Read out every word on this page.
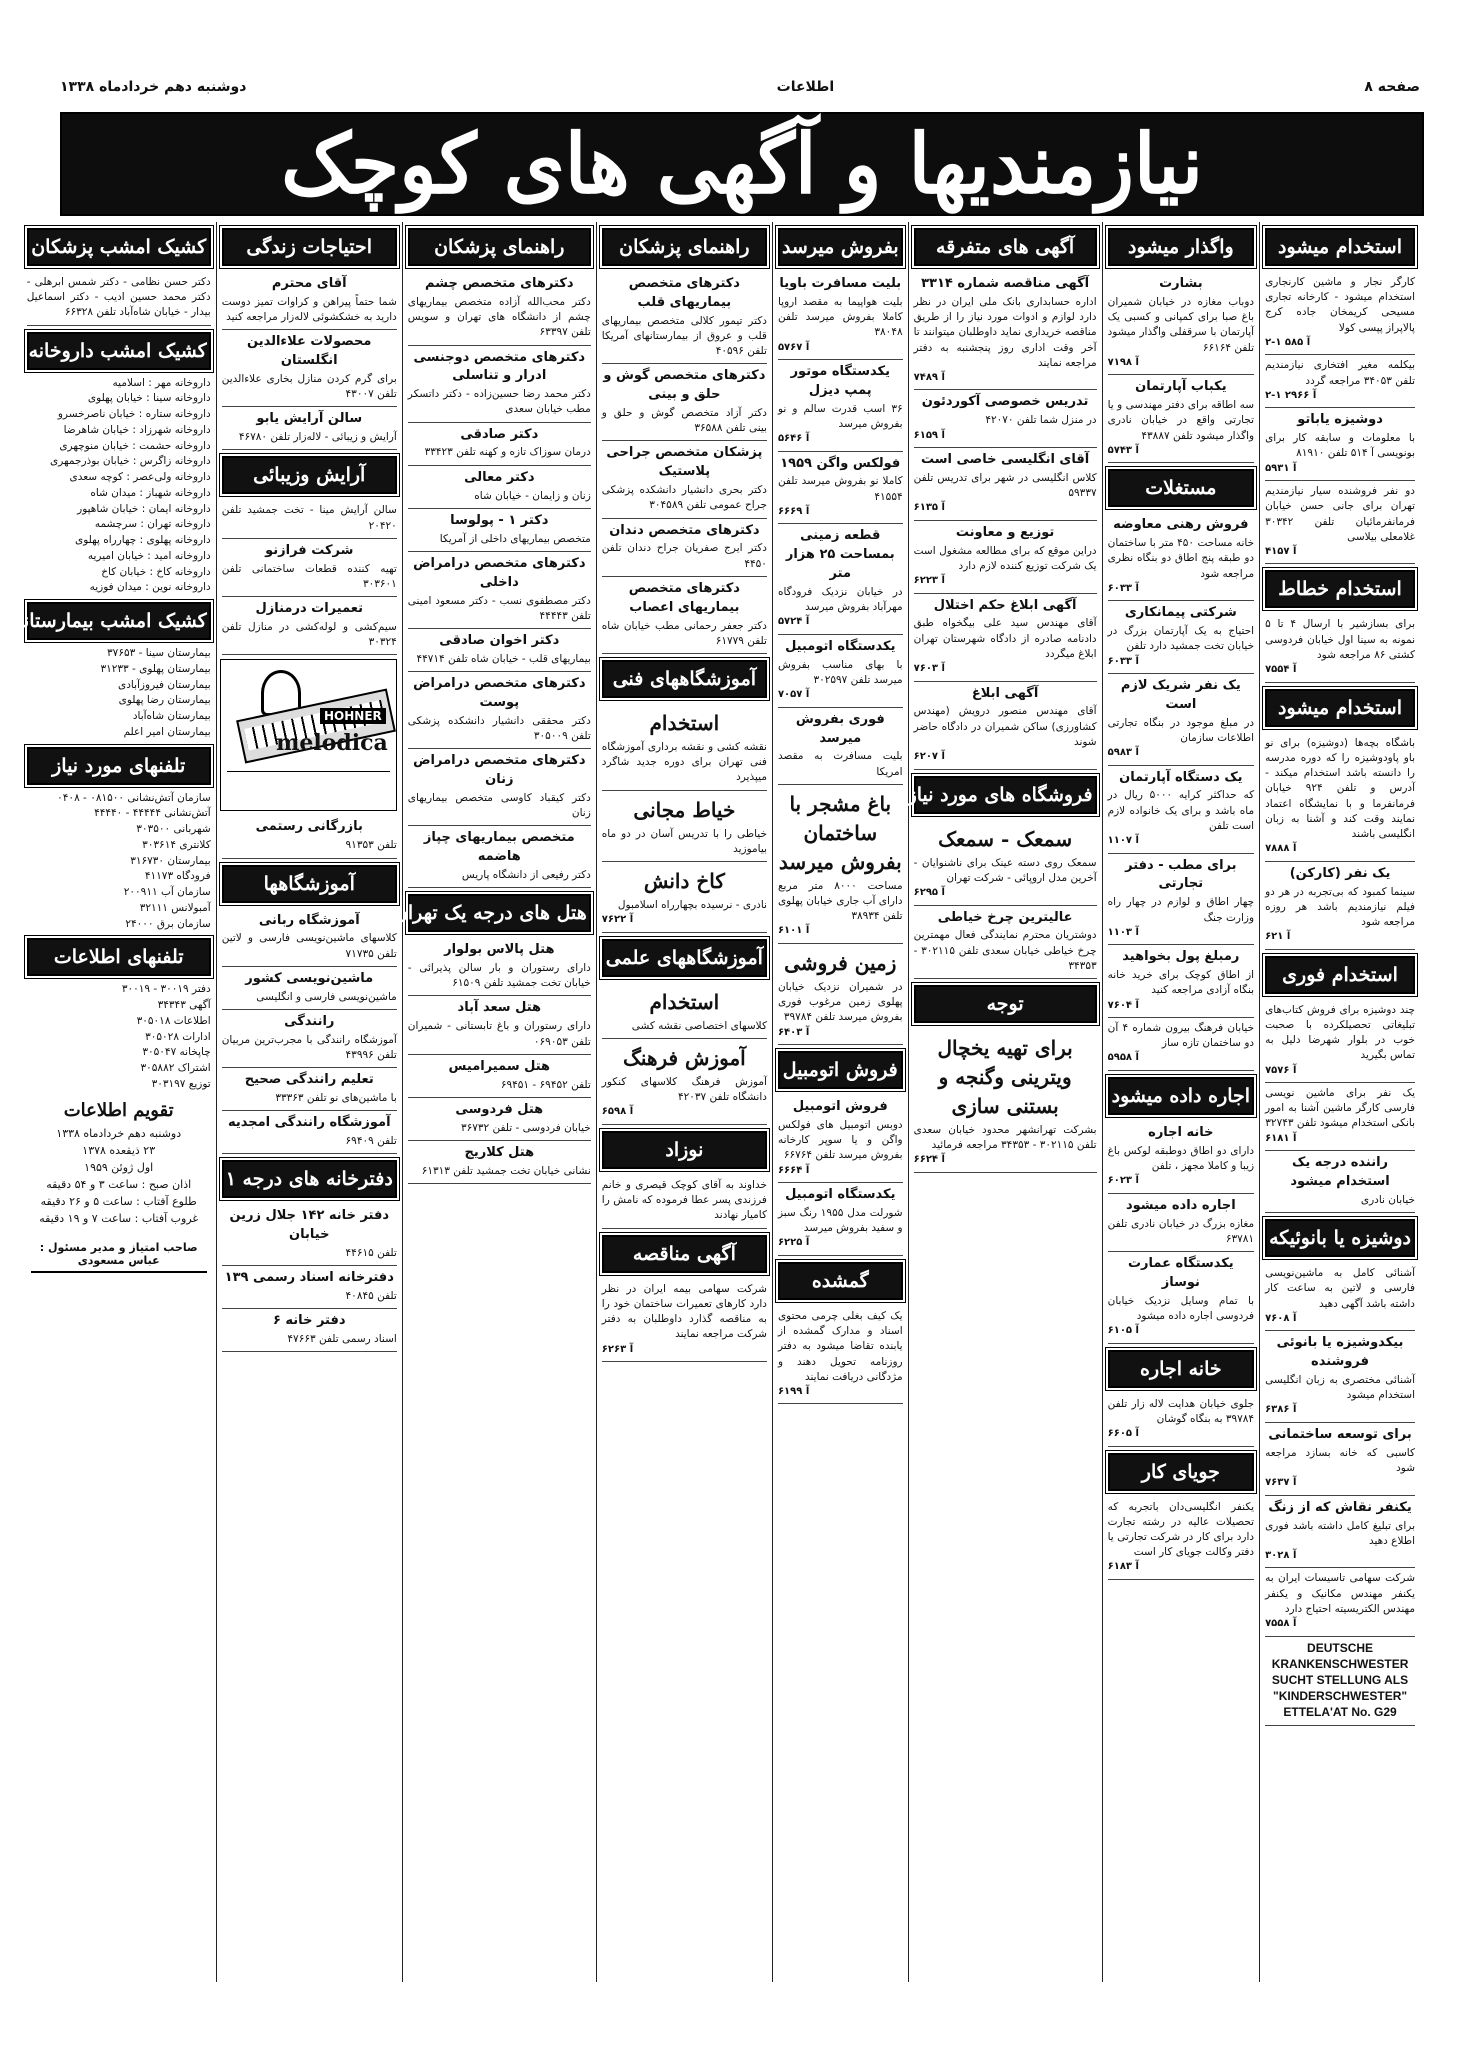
صفحه ۸
اطلاعات
دوشنبه دهم خردادماه ۱۳۳۸
نیازمندیها و آگهی های کوچک
استخدام میشود
کارگر نجار و ماشین کارنجاری استخدام میشود - کارخانه تجاری مسیحی کریمخان جاده کرج پالاپراز پپسی کولا
۲-۱ آ ۵۸۵
بیکلمه مغیر افتخاری نیازمندیم تلفن ۳۴۰۵۳ مراجعه گردد
۲-۱ آ ۲۹۶۶
دوشیزه یاباتو
با معلومات و سابقه کار برای بونویسی آ ۵۱۴ تلفن ۸۱۹۱۰
آ ۵۹۳۱
دو نفر فروشنده سیار نیازمندیم تهران برای جانی حسن خیابان فرمانفرمائیان تلفن ۳۰۳۴۲ غلامعلی بیلاسی
آ ۴۱۵۷
استخدام خطاط
برای بسازشیر با ارسال ۴ تا ۵ نمونه به سینا اول خیابان فردوسی کشتی ۸۶ مراجعه شود
آ ۷۵۵۴
استخدام میشود
باشگاه بچه‌ها (دوشیزه) برای نو باو پاودوشیزه را که دوره مدرسه را دانسته باشد استخدام میکند - آدرس و تلفن ۹۲۴ خیابان فرمانفرما و با نمایشگاه اعتماد نمایند وقت کند و آشنا به زبان انگلیسی باشند
آ ۷۸۸۸
یک نفر (کارکن)
سینما کمبود که بی‌تجربه در هر دو فیلم نیازمندیم باشد هر روزه مراجعه شود
آ ۶۲۱
استخدام فوری
چند دوشیزه برای فروش کتاب‌های تبلیغاتی تحصیلکرده با صحبت خوب در بلوار شهرضا دلیل به تماس بگیرید
آ ۷۵۷۶
یک نفر برای ماشین نویسی فارسی کارگر ماشین آشنا به امور بانکی استخدام میشود تلفن ۳۲۷۴۳
آ ۶۱۸۱
راننده درجه یک استخدام میشود
خیابان نادری
دوشیزه یا بانوئیکه
آشنائی کامل به ماشین‌نویسی فارسی و لاتین به ساعت کار داشته باشد آگهی دهید
آ ۷۶۰۸
بیکدوشیزه یا بانوئی فروشنده
آشنائی مختصری به زبان انگلیسی استخدام میشود
آ ۶۳۸۶
برای توسعه ساختمانی
کاسبی که خانه بسازد مراجعه شود
آ ۷۶۳۷
یکنفر نقاش که از زنگ
برای تبلیغ کامل داشته باشد فوری اطلاع دهید
آ ۳۰۲۸
شرکت سهامی تاسیسات ایران به یکنفر مهندس مکانیک و یکنفر مهندس الکتریسیته احتیاج دارد
آ ۷۵۵۸
DEUTSCHE
KRANKENSCHWESTER
SUCHT STELLUNG ALS
"KINDERSCHWESTER"
ETTELA'AT No. G29
واگذار میشود
بشارت
دوباب مغازه در خیابان شمیران باغ صبا برای کمپانی و کسبی یک آپارتمان با سرقفلی واگذار میشود تلفن ۶۶۱۶۴
آ ۷۱۹۸
یکباب آپارتمان
سه اطاقه برای دفتر مهندسی و یا تجارتی واقع در خیابان نادری واگذار میشود تلفن ۴۳۸۸۷
آ ۵۷۴۳
مستغلات
فروش رهنی معاوضه
خانه مساحت ۴۵۰ متر با ساختمان دو طبقه پنج اطاق دو بنگاه نظری مراجعه شود
آ ۶۰۳۳
شرکتی پیمانکاری
احتیاج به یک آپارتمان بزرگ در خیابان تخت جمشید دارد تلفن
آ ۶۰۳۳
یک نفر شریک لازم است
در مبلغ موجود در بنگاه تجارتی اطلاعات سازمان
آ ۵۹۸۳
یک دستگاه آپارتمان
که حداکثر کرایه ۵۰۰۰ ریال در ماه باشد و برای یک خانواده لازم است تلفن
آ ۱۱۰۷
برای مطب - دفتر تجارتی
چهار اطاق و لوازم در چهار راه وزارت جنگ
آ ۱۱۰۳
رمبلغ پول بخواهید
از اطاق کوچک برای خرید خانه بنگاه آزادی مراجعه کنید
آ ۷۶۰۴
خیابان فرهنگ بیرون شماره ۴ آن دو ساختمان تازه ساز
آ ۵۹۵۸
اجاره داده میشود
خانه اجاره
دارای دو اطاق دوطبقه لوکس باغ زیبا و کاملا مجهز ، تلفن
آ ۶۰۲۳
اجاره داده میشود
مغازه بزرگ در خیابان نادری تلفن ۶۳۷۸۱
یکدستگاه عمارت نوساز
با تمام وسایل نزدیک خیابان فردوسی اجاره داده میشود
آ ۶۱۰۵
خانه اجاره
جلوی خیابان هدایت لاله زار تلفن ۳۹۷۸۴ به بنگاه گوشان
آ ۶۶۰۵
جویای کار
یکنفر انگلیسی‌دان باتجربه که تحصیلات عالیه در رشته تجارت دارد برای کار در شرکت تجارتی یا دفتر وکالت جویای کار است
آ ۶۱۸۳
آگهی های متفرقه
آگهی مناقصه شماره ۳۳۱۴
اداره حسابداری بانک ملی ایران در نظر دارد لوازم و ادوات مورد نیاز را از طریق مناقصه خریداری نماید داوطلبان میتوانند تا آخر وقت اداری روز پنجشنبه به دفتر مراجعه نمایند
آ ۷۴۸۹
تدریس خصوصی آکوردئون
در منزل شما تلفن ۴۲۰۷۰
آ ۶۱۵۹
آقای انگلیسی خاصی است
کلاس انگلیسی در شهر برای تدریس تلفن ۵۹۳۳۷
آ ۶۱۳۵
توزیع و معاونت
دراین موقع که برای مطالعه مشغول است یک شرکت توزیع کننده لازم دارد
آ ۶۲۲۳
آگهی ابلاغ حکم اختلال
آقای مهندس سید علی بیگخواه طبق دادنامه صادره از دادگاه شهرستان تهران ابلاغ میگردد
آ ۷۶۰۳
آگهی ابلاغ
آقای مهندس منصور درویش (مهندس کشاورزی) ساکن شمیران در دادگاه حاضر شوند
آ ۶۲۰۷
فروشگاه های مورد نیاز
سمعک - سمعک
سمعک روی دسته عینک برای ناشنوایان - آخرین مدل اروپائی - شرکت تهران
آ ۶۲۹۵
عالیترین چرخ خیاطی
دوشتریان محترم نمایندگی فعال مهمترین چرخ خیاطی خیابان سعدی تلفن ۳۰۲۱۱۵ - ۳۴۳۵۳
توجه
برای تهیه یخچال ویترینی وگنجه و بستنی سازی
بشرکت تهرانشهر محدود خیابان سعدی تلفن ۳۰۲۱۱۵ - ۳۴۳۵۳ مراجعه فرمائید
آ ۶۶۲۴
بفروش میرسد
بلیت مسافرت باویا
بلیت هواپیما به مقصد اروپا کاملا بفروش میرسد تلفن ۳۸۰۴۸
آ ۵۷۶۷
یکدستگاه موتور پمپ دیزل
۳۶ اسب قدرت سالم و نو بفروش میرسد
آ ۵۶۴۶
فولکس واگن ۱۹۵۹
کاملا نو بفروش میرسد تلفن ۴۱۵۵۴
آ ۶۶۶۹
قطعه زمینی بمساحت ۲۵ هزار متر
در خیابان نزدیک فرودگاه مهرآباد بفروش میرسد
آ ۵۷۲۴
یکدستگاه اتومبیل
با بهای مناسب بفروش میرسد تلفن ۳۰۲۵۹۷
آ ۷۰۵۷
فوری بفروش میرسد
بلیت مسافرت به مقصد امریکا
باغ مشجر با ساختمان بفروش میرسد
مساحت ۸۰۰۰ متر مربع دارای آب جاری خیابان پهلوی تلفن ۳۸۹۳۴
آ ۶۱۰۱
زمین فروشی
در شمیران نزدیک خیابان پهلوی زمین مرغوب فوری بفروش میرسد تلفن ۳۹۷۸۴
آ ۶۴۰۳
فروش اتومبیل
فروش اتومبیل
دوبس اتومبیل های فولکس واگن و یا سوپر کارخانه بفروش میرسد تلفن ۶۶۷۶۴
آ ۶۶۶۴
یکدستگاه اتومبیل
شورلت مدل ۱۹۵۵ رنگ سبز و سفید بفروش میرسد
آ ۶۲۲۵
گمشده
یک کیف بغلی چرمی محتوی اسناد و مدارک گمشده از یابنده تقاضا میشود به دفتر روزنامه تحویل دهند و مژدگانی دریافت نمایند
آ ۶۱۹۹
راهنمای پزشکان
دکترهای متخصص بیماریهای قلب
دکتر تیمور کلالی متخصص بیماریهای قلب و عروق از بیمارستانهای آمریکا تلفن ۴۰۵۹۶
دکترهای متخصص گوش و حلق و بینی
دکتر آزاد متخصص گوش و حلق و بینی تلفن ۳۶۵۸۸
پزشکان متخصص جراحی پلاستیک
دکتر بحری دانشیار دانشکده پزشکی جراح عمومی تلفن ۳۰۴۵۸۹
دکترهای متخصص دندان
دکتر ایرج صفریان جراح دندان تلفن ۴۴۵۰
دکترهای متخصص بیماریهای اعصاب
دکتر جعفر رحمانی مطب خیابان شاه تلفن ۶۱۷۷۹
آموزشگاههای فنی
استخدام
نقشه کشی و نقشه برداری آموزشگاه فنی تهران برای دوره جدید شاگرد میپذیرد
خیاط مجانی
خیاطی را با تدریس آسان در دو ماه بیاموزید
کاخ دانش
نادری - نرسیده بچهارراه اسلامبول
آ ۷۶۲۲
آموزشگاههای علمی
استخدام
کلاسهای اختصاصی نقشه کشی
آموزش فرهنگ
آموزش فرهنگ کلاسهای کنکور دانشگاه تلفن ۴۲۰۳۷
آ ۶۵۹۸
نوزاد
خداوند به آقای کوچک قیصری و خانم فرزندی پسر عطا فرموده که نامش را کامیار نهادند
آگهی مناقصه
شرکت سهامی بیمه ایران در نظر دارد کارهای تعمیرات ساختمان خود را به مناقصه گذارد داوطلبان به دفتر شرکت مراجعه نمایند
آ ۶۲۶۳
راهنمای پزشکان
دکترهای متخصص چشم
دکتر محب‌الله آزاده متخصص بیماریهای چشم از دانشگاه های تهران و سویس تلفن ۶۳۳۹۷
دکترهای متخصص دوجنسی ادرار و تناسلی
دکتر محمد رضا حسین‌زاده - دکتر داتسکر مطب خیابان سعدی
دکتر صادقی
درمان سوزاک تازه و کهنه تلفن ۳۳۴۲۳
دکتر معالی
زنان و زایمان - خیابان شاه
دکتر ۱ - پولوسا
متخصص بیماریهای داخلی از آمریکا
دکترهای متخصص درامراض داخلی
دکتر مصطفوی نسب - دکتر مسعود امینی تلفن ۴۴۴۴۳
دکتر اخوان صادقی
بیماریهای قلب - خیابان شاه تلفن ۴۴۷۱۴
دکترهای متخصص درامراض پوست
دکتر محققی دانشیار دانشکده پزشکی تلفن ۳۰۵۰۰۹
دکترهای متخصص درامراض زنان
دکتر کیقباد کاوسی متخصص بیماریهای زنان
متخصص بیماریهای چپاز هاضمه
دکتر رفیعی از دانشگاه پاریس
هتل های درجه یک تهران
هتل پالاس بولوار
دارای رستوران و بار سالن پذیرائی - خیابان تخت جمشید تلفن ۶۱۵۰۹
هتل سعد آباد
دارای رستوران و باغ تابستانی - شمیران تلفن ۰۶۹۰۵۳
هتل سمیرامیس
تلفن ۶۹۴۵۲ - ۶۹۴۵۱
هتل فردوسی
خیابان فردوسی - تلفن ۳۶۷۳۲
هتل کلاریج
نشانی خیابان تخت جمشید تلفن ۶۱۳۱۳
احتیاجات زندگی
آقای محترم
شما حتماً پیراهن و کراوات تمیز دوست دارید به خشکشوئی لاله‌زار مراجعه کنید
محصولات علاءالدین انگلستان
برای گرم کردن منازل بخاری علاءالدین تلفن ۴۳۰۰۷
سالن آرایش یابو
آرایش و زیبائی - لاله‌زار تلفن ۴۶۷۸۰
آرایش وزیبائی
سالن آرایش مینا - تخت جمشید تلفن ۲۰۴۲۰
شرکت فرازنو
تهیه کننده قطعات ساختمانی تلفن ۳۰۳۶۰۱
تعمیرات درمنازل
سیم‌کشی و لوله‌کشی در منازل تلفن ۳۰۳۲۴
HOHNER
melodica
بازرگانی رستمی
تلفن ۹۱۳۵۳
آموزشگاهها
آموزشگاه ربانی
کلاسهای ماشین‌نویسی فارسی و لاتین تلفن ۷۱۷۳۵
ماشین‌نویسی کشور
ماشین‌نویسی فارسی و انگلیسی
رانندگی
آموزشگاه رانندگی با مجرب‌ترین مربیان تلفن ۴۳۹۹۶
تعلیم رانندگی صحیح
با ماشین‌های نو تلفن ۳۳۳۶۳
آموزشگاه رانندگی امجدیه
تلفن ۶۹۴۰۹
دفترخانه های درجه ۱
دفتر خانه ۱۴۲ جلال زرین خیابان
تلفن ۴۴۶۱۵
دفترخانه اسناد رسمی ۱۳۹
تلفن ۴۰۸۴۵
دفتر خانه ۶
اسناد رسمی تلفن ۴۷۶۶۳
کشیک امشب پزشکان
دکتر حسن نظامی - دکتر شمس ابرهلی - دکتر محمد حسین ادیب - دکتر اسماعیل بیدار - خیابان شاه‌آباد تلفن ۶۶۳۲۸
کشیک امشب داروخانه ها
داروخانه مهر : اسلامیه
داروخانه سینا : خیابان پهلوی
داروخانه ستاره : خیابان ناصرخسرو
داروخانه شهرزاد : خیابان شاهرضا
داروخانه حشمت : خیابان منوچهری
داروخانه زاگرس : خیابان بوذرجمهری
داروخانه ولی‌عصر : کوچه سعدی
داروخانه شهباز : میدان شاه
داروخانه ایمان : خیابان شاهپور
داروخانه تهران : سرچشمه
داروخانه پهلوی : چهارراه پهلوی
داروخانه امید : خیابان امیریه
داروخانه کاخ : خیابان کاخ
داروخانه نوین : میدان فوزیه
کشیک امشب بیمارستانها
بیمارستان سینا - ۳۷۶۵۳
بیمارستان پهلوی - ۳۱۲۳۳
بیمارستان فیروزآبادی
بیمارستان رضا پهلوی
بیمارستان شاه‌آباد
بیمارستان امیر اعلم
تلفنهای مورد نیاز
سازمان آتش‌نشانی ۰۸۱۵۰۰ - ۰۴۰۸
آتش‌نشانی ۴۴۴۴۴ - ۴۴۴۴۰
شهربانی ۳۰۳۵۰۰
کلانتری ۳۰۳۶۱۴
بیمارستان ۳۱۶۷۳۰
فرودگاه ۴۱۱۷۳
سازمان آب ۲۰۰۹۱۱
آمبولانس ۳۲۱۱۱
سازمان برق ۲۴۰۰۰
تلفنهای اطلاعات
دفتر ۳۰۰۱۹ - ۳۰۰۱۹
آگهی ۳۴۳۴۳
اطلاعات ۳۰۵۰۱۸
ادارات ۳۰۵۰۲۸
چاپخانه ۳۰۵۰۴۷
اشتراک ۳۰۵۸۸۲
توزیع ۳۰۳۱۹۷
تقویم اطلاعات
دوشنبه دهم خردادماه ۱۳۳۸
۲۳ ذیقعده ۱۳۷۸
اول ژوئن ۱۹۵۹
اذان صبح : ساعت ۳ و ۵۴ دقیقه
طلوع آفتاب : ساعت ۵ و ۲۶ دقیقه
غروب آفتاب : ساعت ۷ و ۱۹ دقیقه
صاحب امتیاز و مدیر مسئول : عباس مسعودی
